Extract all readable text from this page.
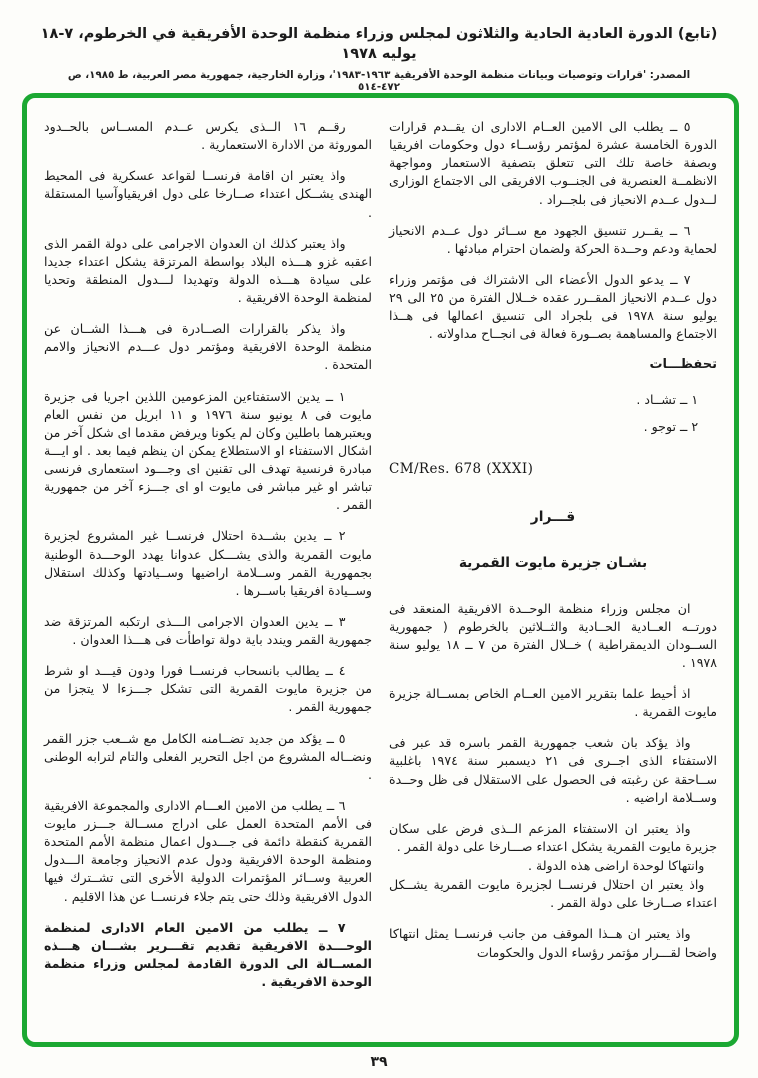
(تابع) الدورة العادية الحادية والثلاثون لمجلس وزراء منظمة الوحدة الأفريقية في الخرطوم، ٧-١٨ يوليه ١٩٧٨
المصدر: 'قرارات وتوصيات وبيانات منظمة الوحدة الأفريقية ١٩٦٣-١٩٨٣'، وزارة الخارجية، جمهورية مصر العربية، ط ١٩٨٥، ص ٤٧٢-٥١٤

٥ ــ يطلب الى الامين العــام الادارى ان يقــدم قرارات الدورة الخامسة عشرة لمؤتمر رؤســاء دول وحكومات افريقيا وبصفة خاصة تلك التى تتعلق بتصفية الاستعمار ومواجهة الانظمــة العنصرية فى الجنــوب الافريقى الى الاجتماع الوزارى لــدول عــدم الانحياز فى بلجــراد .

٦ ــ يقــرر تنسيق الجهود مع ســائر دول عــدم الانحياز لحماية ودعم وحــدة الحركة ولضمان احترام مبادئها .

٧ ــ يدعو الدول الأعضاء الى الاشتراك فى مؤتمر وزراء دول عــدم الانحياز المقــرر عقده خــلال الفترة من ٢٥ الى ٢٩ يوليو سنة ١٩٧٨ فى بلجراد الى تنسيق اعمالها فى هــذا الاجتماع والمساهمة بصــورة فعالة فى انجــاح مداولاته .

تحفظـــات
١ ــ تشــاد .
٢ ــ توجو .
CM/Res. 678 (XXXI)
قـــرار
بشـان جزيرة مايوت القمرية

ان مجلس وزراء منظمة الوحــدة الافريقية المنعقد فى دورتــه العــادية الحــادية والثــلاثين بالخرطوم ( جمهورية الســودان الديمقراطية ) خــلال الفترة من ٧ ــ ١٨ يوليو سنة ١٩٧٨ .

اذ أحيط علما بتقرير الامين العــام الخاص بمســالة جزيرة مايوت القمرية .

واذ يؤكد بان شعب جمهورية القمر باسره قد عبر فى الاستفتاء الذى اجــرى فى ٢١ ديسمبر سنة ١٩٧٤ باغلبية ســاحقة عن رغبته فى الحصول على الاستقلال فى ظل وحــدة وســلامة اراضيه .

واذ يعتبر ان الاستفتاء المزعم الــذى فرض على سكان جزيرة مايوت القمرية يشكل اعتداء صـــارخا على دولة القمر .

وانتهاكا لوحدة اراضى هذه الدولة .

واذ يعتبر ان احتلال فرنســا لجزيرة مايوت القمرية يشــكل اعتداء صــارخا على دولة القمر .

واذ يعتبر ان هــذا الموقف من جانب فرنســا يمثل انتهاكا واضحا لقـــرار مؤتمر رؤساء الدول والحكومات

رقــم ١٦ الــذى يكرس عــدم المســاس بالحــدود الموروثة من الادارة الاستعمارية .

واذ يعتبر ان اقامة فرنســا لقواعد عسكرية فى المحيط الهندى يشــكل اعتداء صــارخا على دول افريقياوآسيا المستقلة .

واذ يعتبر كذلك ان العدوان الاجرامى على دولة القمر الذى اعقبه غزو هـــذه البلاد بواسطة المرتزقة يشكل اعتداء جديدا على سيادة هـــذه الدولة وتهديدا لـــدول المنطقة وتحديا لمنظمة الوحدة الافريقية .

واذ يذكر بالقرارات الصــادرة فى هـــذا الشــان عن منظمة الوحدة الافريقية ومؤتمر دول عـــدم الانحياز والامم المتحدة .

١ ــ يدين الاستفتاءين المزعومين اللذين اجريا فى جزيرة مايوت فى ٨ يونيو سنة ١٩٧٦ و ١١ ابريل من نفس العام ويعتبرهما باطلين وكان لم يكونا ويرفض مقدما اى شكل آخر من اشكال الاستفتاء او الاستطلاع يمكن ان ينظم فيما بعد . او ايـــة مبادرة فرنسية تهدف الى تقنين اى وجـــود استعمارى فرنسى تباشر او غير مباشر فى مايوت او اى جـــزء آخر من جمهورية القمر .

٢ ــ يدين بشــدة احتلال فرنســا غير المشروع لجزيرة مايوت القمرية والذى يشـــكل عدوانا يهدد الوحـــدة الوطنية بجمهورية القمر وســلامة اراضيها وســيادتها وكذلك استقلال وســيادة افريقيا باســرها .

٣ ــ يدين العدوان الاجرامى الـــذى ارتكبه المرتزقة ضد جمهورية القمر ويندد باية دولة تواطأت فى هـــذا العدوان .

٤ ــ يطالب بانسحاب فرنســا فورا ودون قيـــد او شرط من جزيرة مايوت القمرية التى تشكل جـــزءا لا يتجزا من جمهورية القمر .

٥ ــ يؤكد من جديد تضــامنه الكامل مع شــعب جزر القمر ونضــاله المشروع من اجل التحرير الفعلى والتام لترابه الوطنى .

٦ ــ يطلب من الامين العـــام الادارى والمجموعة الافريقية فى الأمم المتحدة العمل على ادراج مســالة جـــزر مايوت القمرية كنقطة دائمة فى جـــدول اعمال منظمة الأمم المتحدة ومنظمة الوحدة الافريقية ودول عدم الانحياز وجامعة الـــدول العربية وســائر المؤتمرات الدولية الأخرى التى تشــترك فيها الدول الافريقية وذلك حتى يتم جلاء فرنســا عن هذا الاقليم .

٧ ــ يطلب من الامين العام الادارى لمنظمة الوحـــدة الافريقية تقديم تقـــرير بشـــان هـــذه المســالة الى الدورة القادمة لمجلس وزراء منظمة الوحدة الافريقية .

٣٩
